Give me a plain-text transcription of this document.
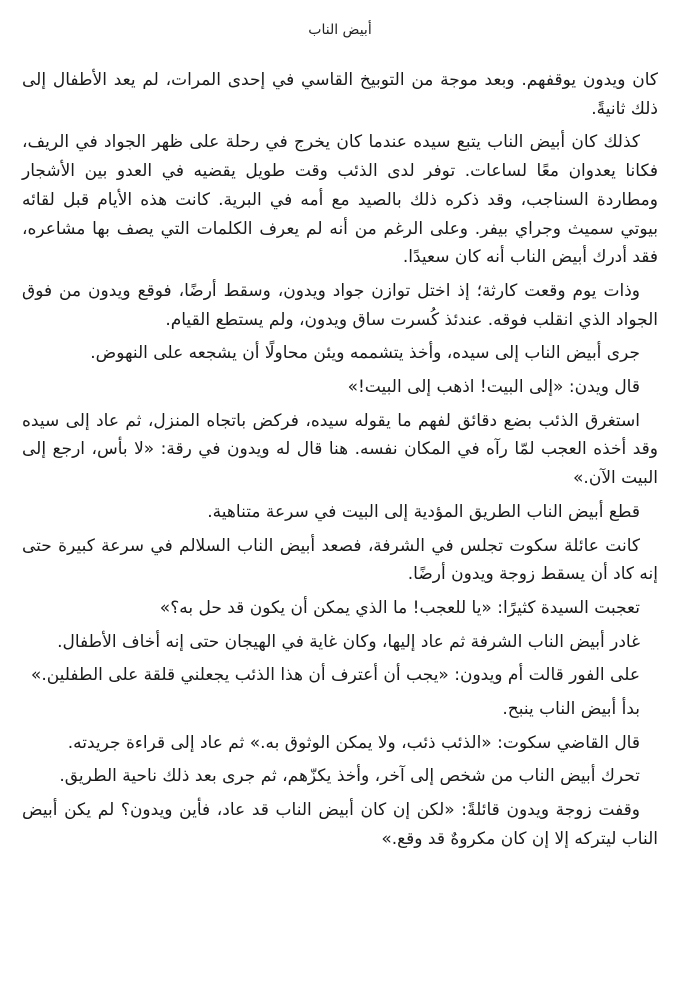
أبيض الناب

كان ويدون يوقفهم. وبعد موجة من التوبيخ القاسي في إحدى المرات، لم يعد الأطفال إلى ذلك ثانيةً.

كذلك كان أبيض الناب يتبع سيده عندما كان يخرج في رحلة على ظهر الجواد في الريف، فكانا يعدوان معًا لساعات. توفر لدى الذئب وقت طويل يقضيه في العدو بين الأشجار ومطاردة السناجب، وقد ذكره ذلك بالصيد مع أمه في البرية. كانت هذه الأيام قبل لقائه بيوتي سميث وجراي بيفر. وعلى الرغم من أنه لم يعرف الكلمات التي يصف بها مشاعره، فقد أدرك أبيض الناب أنه كان سعيدًا.

وذات يوم وقعت كارثة؛ إذ اختل توازن جواد ويدون، وسقط أرضًا، فوقع ويدون من فوق الجواد الذي انقلب فوقه. عندئذ كُسرت ساق ويدون، ولم يستطع القيام.

جرى أبيض الناب إلى سيده، وأخذ يتشممه ويئن محاولًا أن يشجعه على النهوض.

قال ويدن: «إلى البيت! اذهب إلى البيت!»

استغرق الذئب بضع دقائق لفهم ما يقوله سيده، فركض باتجاه المنزل، ثم عاد إلى سيده وقد أخذه العجب لمّا رآه في المكان نفسه. هنا قال له ويدون في رقة: «لا بأس، ارجع إلى البيت الآن.»

قطع أبيض الناب الطريق المؤدية إلى البيت في سرعة متناهية.

كانت عائلة سكوت تجلس في الشرفة، فصعد أبيض الناب السلالم في سرعة كبيرة حتى إنه كاد أن يسقط زوجة ويدون أرضًا.

تعجبت السيدة كثيرًا: «يا للعجب! ما الذي يمكن أن يكون قد حل به؟»

غادر أبيض الناب الشرفة ثم عاد إليها، وكان غاية في الهيجان حتى إنه أخاف الأطفال.

على الفور قالت أم ويدون: «يجب أن أعترف أن هذا الذئب يجعلني قلقة على الطفلين.»

بدأ أبيض الناب ينبح.

قال القاضي سكوت: «الذئب ذئب، ولا يمكن الوثوق به.» ثم عاد إلى قراءة جريدته.

تحرك أبيض الناب من شخص إلى آخر، وأخذ يكزّهم، ثم جرى بعد ذلك ناحية الطريق.

وقفت زوجة ويدون قائلةً: «لكن إن كان أبيض الناب قد عاد، فأين ويدون؟ لم يكن أبيض الناب ليتركه إلا إن كان مكروهٌ قد وقع.»
